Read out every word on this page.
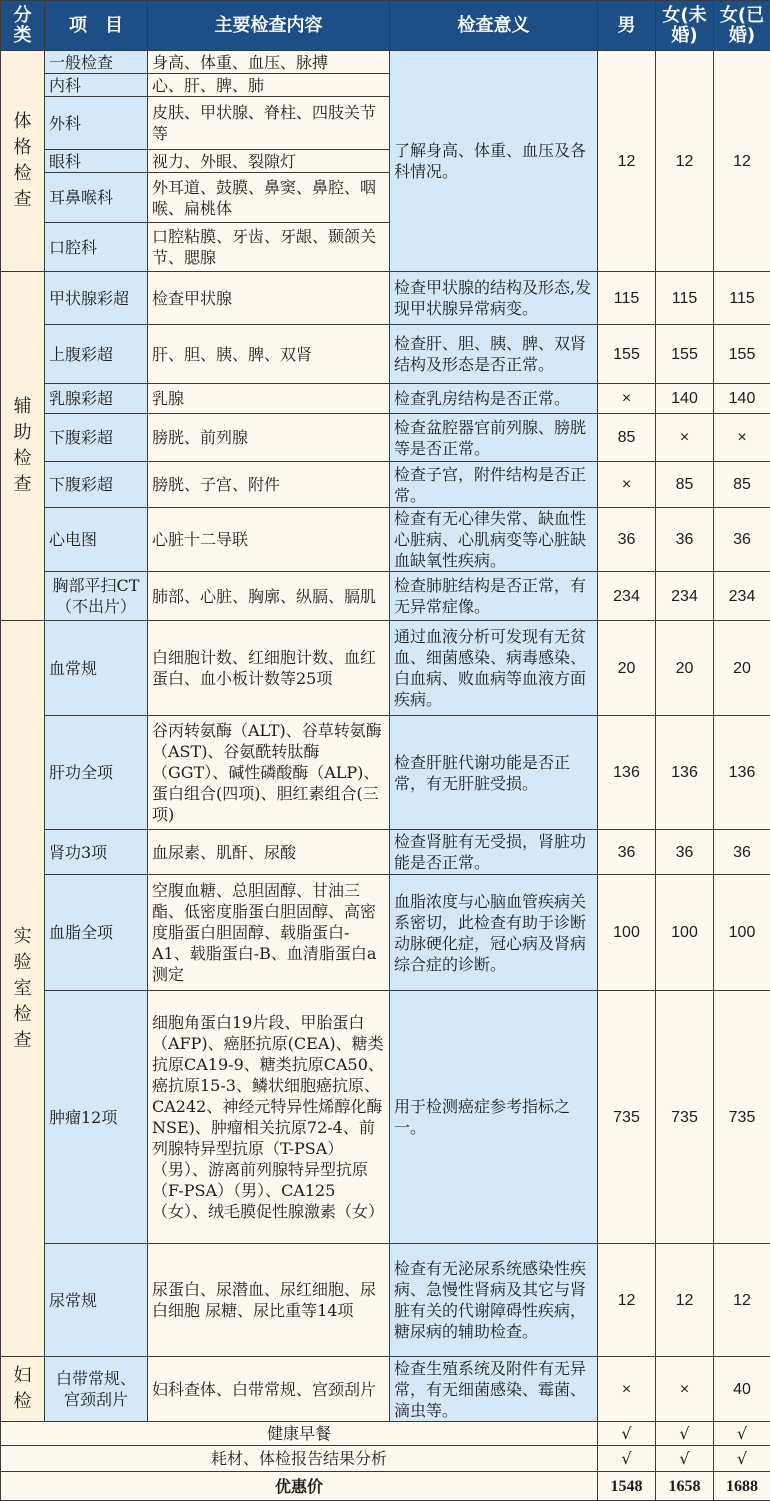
分类	项　目	主要检查内容	检查意义	男	女(未婚)	女(已婚)
体
格
检
查	一般检查	身高、体重、血压、脉搏	了解身高、体重、血压及各科情况。	12	12	12
	内科	心、肝、脾、肺				
	外科	皮肤、甲状腺、脊柱、四肢关节等				
	眼科	视力、外眼、裂隙灯				
	耳鼻喉科	外耳道、鼓膜、鼻窦、鼻腔、咽喉、扁桃体				
	口腔科	口腔粘膜、牙齿、牙龈、颞颌关节、腮腺				
辅
助
检
查	甲状腺彩超	检查甲状腺	检查甲状腺的结构及形态,发现甲状腺异常病变。	115	115	115
	上腹彩超	肝、胆、胰、脾、双肾	检查肝、胆、胰、脾、双肾结构及形态是否正常。	155	155	155
	乳腺彩超	乳腺	检查乳房结构是否正常。	×	140	140
	下腹彩超	膀胱、前列腺	检查盆腔器官前列腺、膀胱等是否正常。	85	×	×
	下腹彩超	膀胱、子宫、附件	检查子宫，附件结构是否正常。	×	85	85
	心电图	心脏十二导联	检查有无心律失常、缺血性心脏病、心肌病变等心脏缺血缺氧性疾病。	36	36	36
	胸部平扫CT（不出片）	肺部、心脏、胸廓、纵膈、膈肌	检查肺脏结构是否正常，有无异常症像。	234	234	234
实
验
室
检
查	血常规	白细胞计数、红细胞计数、血红蛋白、血小板计数等25项	通过血液分析可发现有无贫血、细菌感染、病毒感染、白血病、败血病等血液方面疾病。	20	20	20
	肝功全项	谷丙转氨酶（ALT)、谷草转氨酶（AST)、谷氨酰转肽酶（GGT）、碱性磷酸酶（ALP)、蛋白组合(四项)、胆红素组合(三项)	检查肝脏代谢功能是否正常，有无肝脏受损。	136	136	136
	肾功3项	血尿素、肌酐、尿酸	检查肾脏有无受损，肾脏功能是否正常。	36	36	36
	血脂全项	空腹血糖、总胆固醇、甘油三酯、低密度脂蛋白胆固醇、高密度脂蛋白胆固醇、载脂蛋白-A1、载脂蛋白-B、血清脂蛋白a测定	血脂浓度与心脑血管疾病关系密切，此检查有助于诊断动脉硬化症，冠心病及肾病综合症的诊断。	100	100	100
	肿瘤12项	细胞角蛋白19片段、甲胎蛋白（AFP)、癌胚抗原(CEA)、糖类抗原CA19-9、糖类抗原CA50、癌抗原15-3、鳞状细胞癌抗原、CA242、神经元特异性烯醇化酶NSE)、肿瘤相关抗原72-4、前列腺特异型抗原（T-PSA）（男）、游离前列腺特异型抗原（F-PSA）（男）、CA125（女）、绒毛膜促性腺激素（女）	用于检测癌症参考指标之一。	735	735	735
	尿常规	尿蛋白、尿潜血、尿红细胞、尿白细胞 尿糖、尿比重等14项	检查有无泌尿系统感染性疾病、急慢性肾病及其它与肾脏有关的代谢障碍性疾病，糖尿病的辅助检查。	12	12	12
妇
检	白带常规、宫颈刮片	妇科查体、白带常规、宫颈刮片	检查生殖系统及附件有无异常，有无细菌感染、霉菌、滴虫等。	×	×	40
健康早餐				√	√	√
耗材、体检报告结果分析				√	√	√
优惠价				1548	1658	1688
